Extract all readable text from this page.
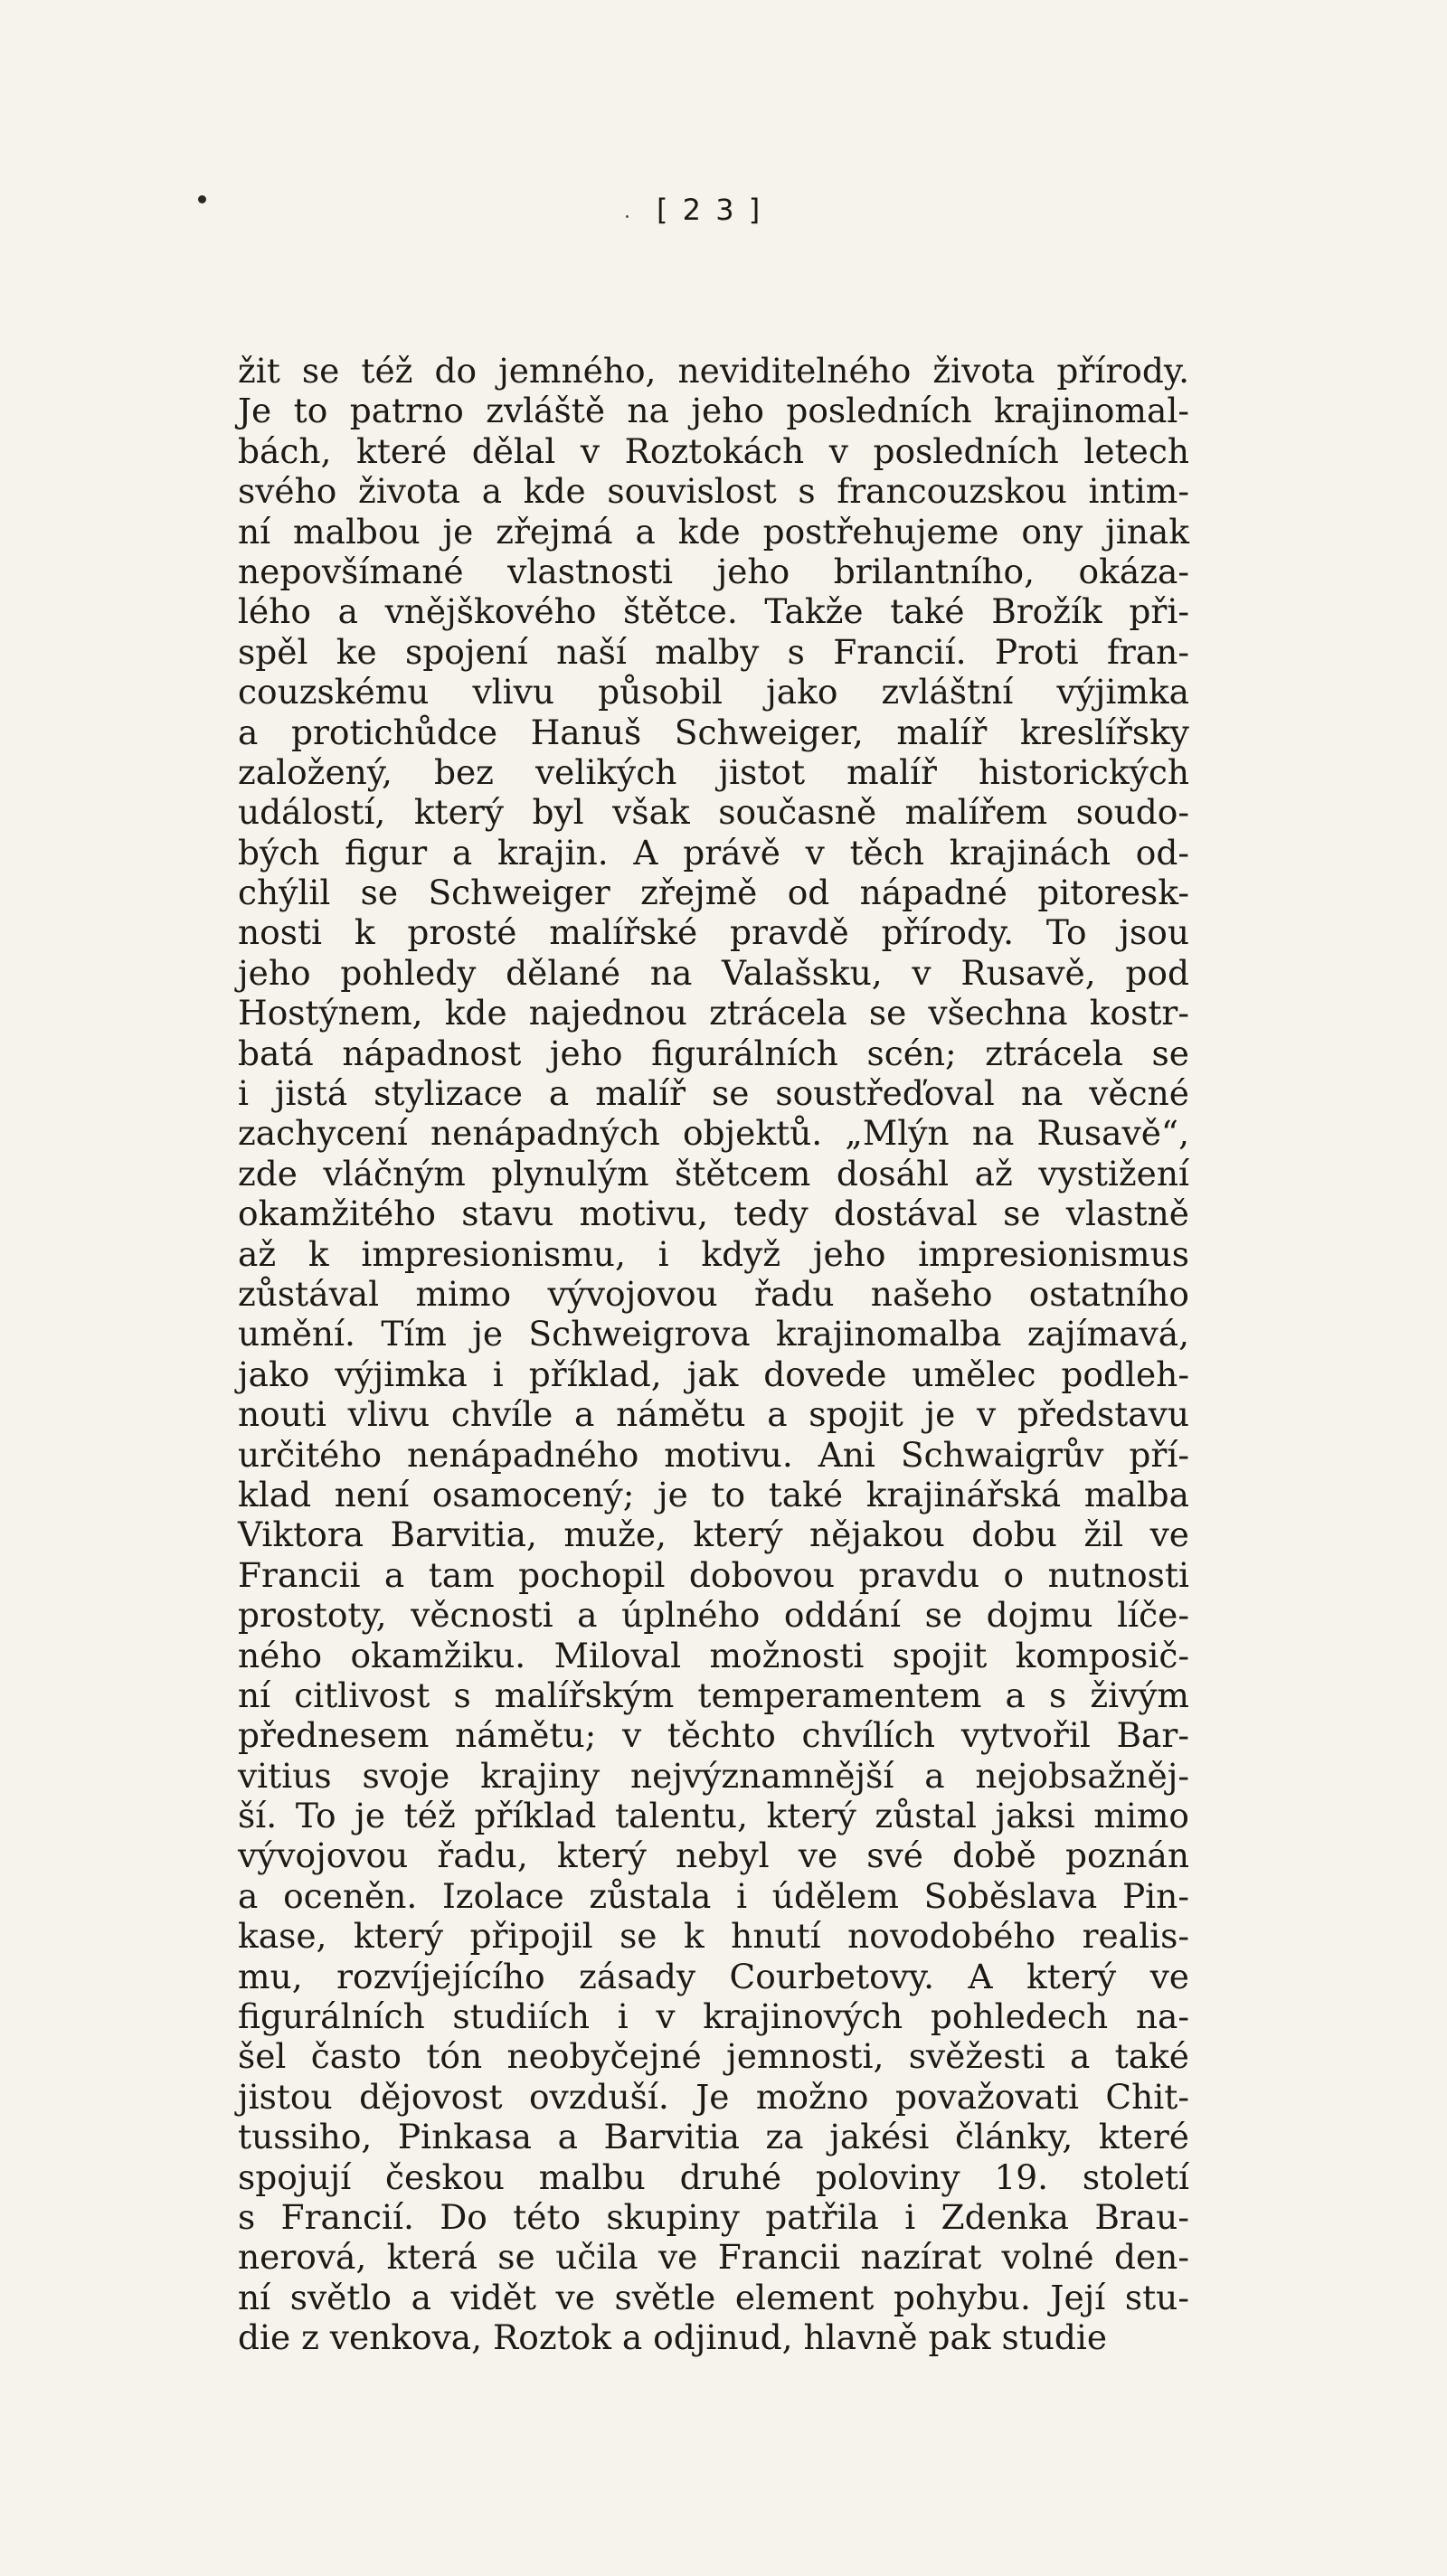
[ 2 3 ]
žit se též do jemného, neviditelného života přírody.
Je to patrno zvláště na jeho posledních krajinomal-
bách, které dělal v Roztokách v posledních letech
svého života a kde souvislost s francouzskou intim-
ní malbou je zřejmá a kde postřehujeme ony jinak
nepovšímané vlastnosti jeho brilantního, okáza-
lého a vnějškového štětce. Takže také Brožík při-
spěl ke spojení naší malby s Francií. Proti fran-
couzskému vlivu působil jako zvláštní výjimka
a protichůdce Hanuš Schweiger, malíř kreslířsky
založený, bez velikých jistot malíř historických
událostí, který byl však současně malířem soudo-
bých figur a krajin. A právě v těch krajinách od-
chýlil se Schweiger zřejmě od nápadné pitoresk-
nosti k prosté malířské pravdě přírody. To jsou
jeho pohledy dělané na Valašsku, v Rusavě, pod
Hostýnem, kde najednou ztrácela se všechna kostr-
batá nápadnost jeho figurálních scén; ztrácela se
i jistá stylizace a malíř se soustřeďoval na věcné
zachycení nenápadných objektů. „Mlýn na Rusavě“,
zde vláčným plynulým štětcem dosáhl až vystižení
okamžitého stavu motivu, tedy dostával se vlastně
až k impresionismu, i když jeho impresionismus
zůstával mimo vývojovou řadu našeho ostatního
umění. Tím je Schweigrova krajinomalba zajímavá,
jako výjimka i příklad, jak dovede umělec podleh-
nouti vlivu chvíle a námětu a spojit je v představu
určitého nenápadného motivu. Ani Schwaigrův pří-
klad není osamocený; je to také krajinářská malba
Viktora Barvitia, muže, který nějakou dobu žil ve
Francii a tam pochopil dobovou pravdu o nutnosti
prostoty, věcnosti a úplného oddání se dojmu líče-
ného okamžiku. Miloval možnosti spojit komposič-
ní citlivost s malířským temperamentem a s živým
přednesem námětu; v těchto chvílích vytvořil Bar-
vitius svoje krajiny nejvýznamnější a nejobsažněj-
ší. To je též příklad talentu, který zůstal jaksi mimo
vývojovou řadu, který nebyl ve své době poznán
a oceněn. Izolace zůstala i údělem Soběslava Pin-
kase, který připojil se k hnutí novodobého realis-
mu, rozvíjejícího zásady Courbetovy. A který ve
figurálních studiích i v krajinových pohledech na-
šel často tón neobyčejné jemnosti, svěžesti a také
jistou dějovost ovzduší. Je možno považovati Chit-
tussiho, Pinkasa a Barvitia za jakési články, které
spojují českou malbu druhé poloviny 19. století
s Francií. Do této skupiny patřila i Zdenka Brau-
nerová, která se učila ve Francii nazírat volné den-
ní světlo a vidět ve světle element pohybu. Její stu-
die z venkova, Roztok a odjinud, hlavně pak studie
